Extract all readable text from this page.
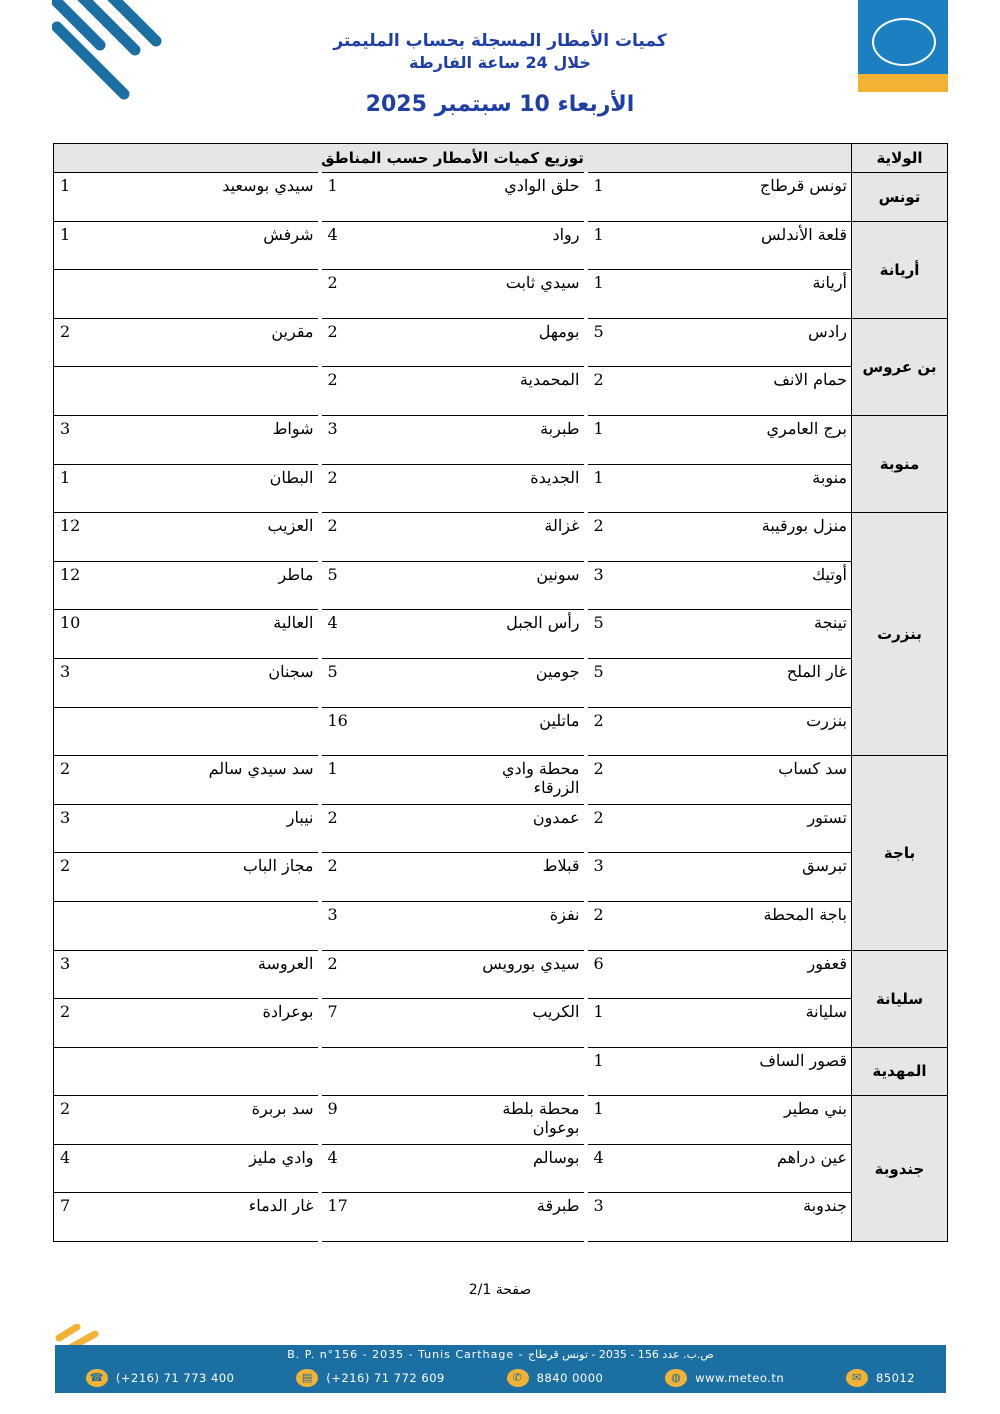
كميات الأمطار المسجلة بحساب المليمتر
خلال 24 ساعة الفارطة
الأربعاء 10 سبتمبر 2025
الولاية	توزيع كميات الأمطار حسب المناطق					
تونس	تونس قرطاج	1	حلق الوادي	1	سيدي بوسعيد	1
أريانة	قلعة الأندلس	1	رواد	4	شرفش	1
	أريانة	1	سيدي ثابت	2		
بن عروس	رادس	5	بومهل	2	مقرين	2
	حمام الانف	2	المحمدية	2		
منوبة	برج العامري	1	طبربة	3	شواط	3
	منوبة	1	الجديدة	2	البطان	1
بنزرت	منزل بورقيبة	2	غزالة	2	العزيب	12
	أوتيك	3	سونين	5	ماطر	12
	تينجة	5	رأس الجبل	4	العالية	10
	غار الملح	5	جومين	5	سجنان	3
	بنزرت	2	ماتلين	16		
باجة	سد كساب	2	محطة وادي الزرقاء	1	سد سيدي سالم	2
	تستور	2	عمدون	2	نيبار	3
	تبرسق	3	قبلاط	2	مجاز الباب	2
	باجة المحطة	2	نفزة	3		
سليانة	قعفور	6	سيدي بورويس	2	العروسة	3
	سليانة	1	الكريب	7	بوعرادة	2
المهدية	قصور الساف	1				
جندوبة	بني مطير	1	محطة بلطة بوعوان	9	سد بربرة	2
	عين دراهم	4	بوسالم	4	وادي مليز	4
	جندوبة	3	طبرقة	17	غار الدماء	7
صفحة 2/1
B. P. n°156 - 2035 - Tunis Carthage - ص.ب. عدد 156 - 2035 - تونس قرطاج
☎	(+216) 71 773 400	▤	(+216) 71 772 609	✆	8840 0000	◍	www.meteo.tn	✉	85012
